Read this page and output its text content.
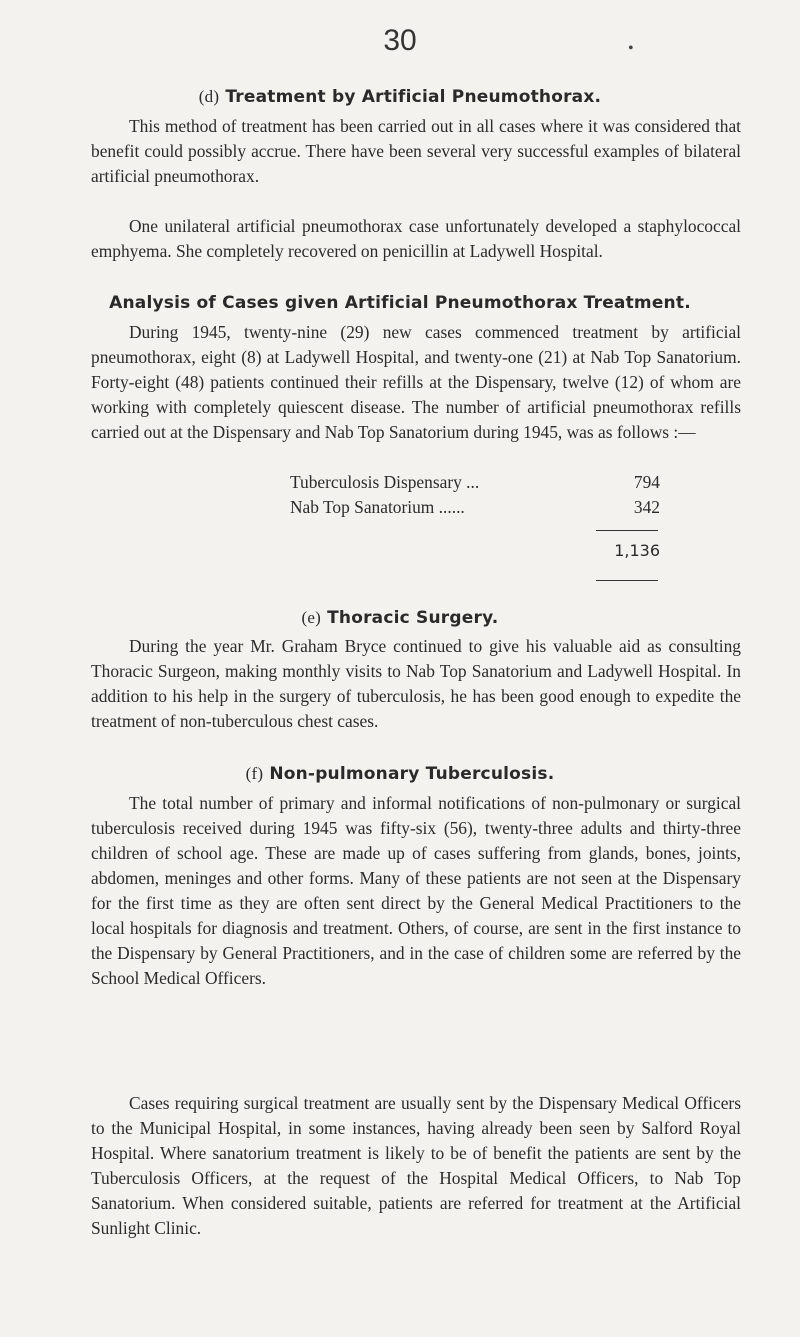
30	•
(d) Treatment by Artificial Pneumothorax.
This method of treatment has been carried out in all cases where it was considered that benefit could possibly accrue. There have been several very successful examples of bilateral artificial pneumothorax.
One unilateral artificial pneumothorax case unfortunately developed a staphylococcal emphyema. She completely recovered on penicillin at Ladywell Hospital.
Analysis of Cases given Artificial Pneumothorax Treatment.
During 1945, twenty-nine (29) new cases commenced treatment by artificial pneumothorax, eight (8) at Ladywell Hospital, and twenty-one (21) at Nab Top Sanatorium. Forty-eight (48) patients continued their refills at the Dispensary, twelve (12) of whom are working with completely quiescent disease. The number of artificial pneumothorax refills carried out at the Dispensary and Nab Top Sanatorium during 1945, was as follows :—
Tuberculosis Dispensary ...	794
Nab Top Sanatorium ......	342
1,136
(e) Thoracic Surgery.
During the year Mr. Graham Bryce continued to give his valuable aid as consulting Thoracic Surgeon, making monthly visits to Nab Top Sanatorium and Ladywell Hospital. In addition to his help in the surgery of tuberculosis, he has been good enough to expedite the treatment of non-tuberculous chest cases.
(f) Non-pulmonary Tuberculosis.
The total number of primary and informal notifications of non-pulmonary or surgical tuberculosis received during 1945 was fifty-six (56), twenty-three adults and thirty-three children of school age. These are made up of cases suffering from glands, bones, joints, abdomen, meninges and other forms. Many of these patients are not seen at the Dispensary for the first time as they are often sent direct by the General Medical Practitioners to the local hospitals for diagnosis and treatment. Others, of course, are sent in the first instance to the Dispensary by General Practitioners, and in the case of children some are referred by the School Medical Officers.
Cases requiring surgical treatment are usually sent by the Dispensary Medical Officers to the Municipal Hospital, in some instances, having already been seen by Salford Royal Hospital. Where sanatorium treatment is likely to be of benefit the patients are sent by the Tuberculosis Officers, at the request of the Hospital Medical Officers, to Nab Top Sanatorium. When considered suitable, patients are referred for treatment at the Artificial Sunlight Clinic.
